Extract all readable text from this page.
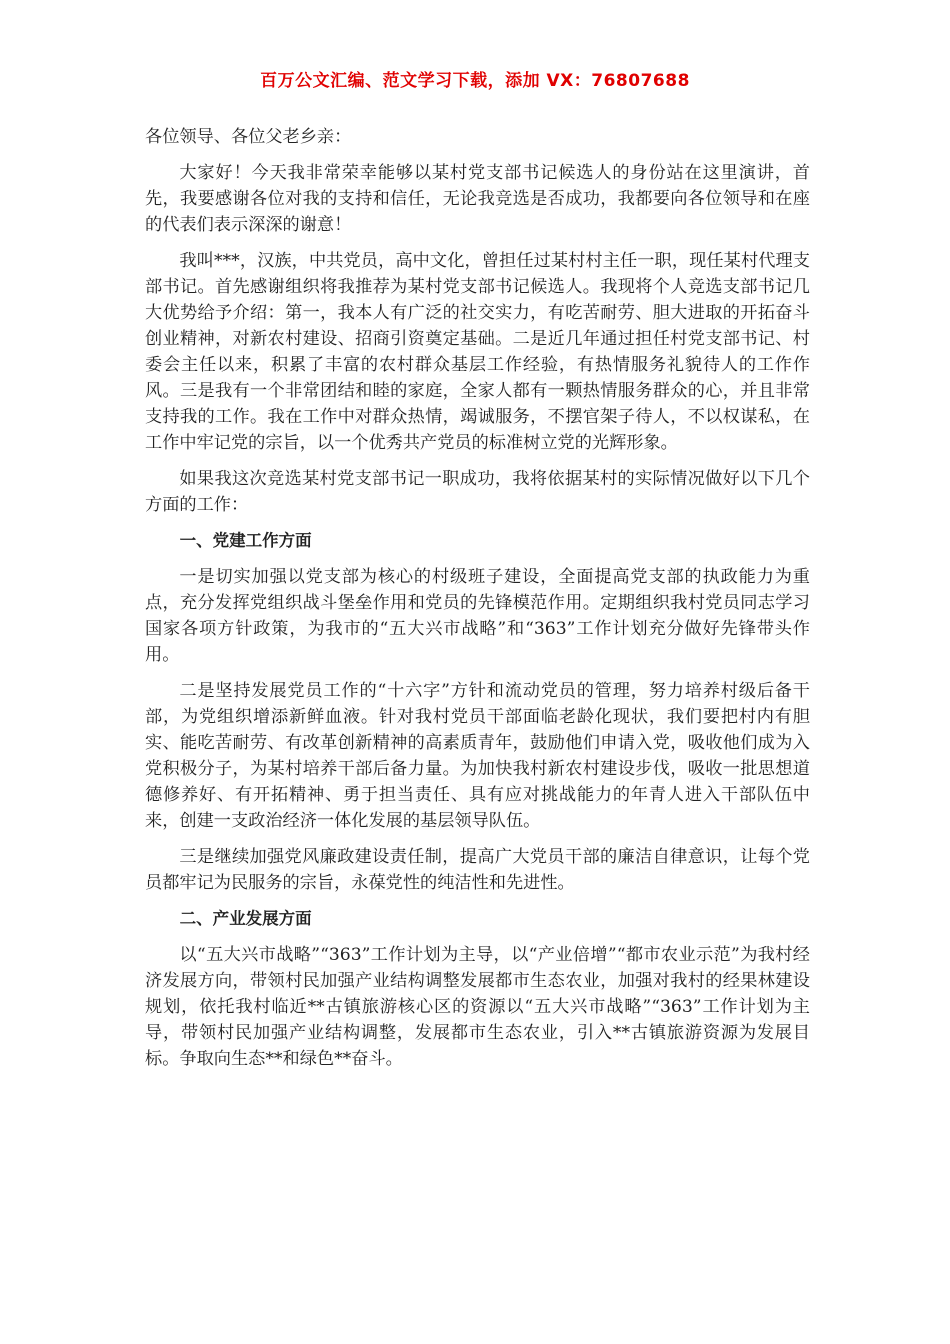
百万公文汇编、范文学习下载，添加 VX：76807688

各位领导、各位父老乡亲：

大家好！今天我非常荣幸能够以某村党支部书记候选人的身份站在这里演讲，首先，我要感谢各位对我的支持和信任，无论我竞选是否成功，我都要向各位领导和在座的代表们表示深深的谢意！

我叫***，汉族，中共党员，高中文化，曾担任过某村村主任一职，现任某村代理支部书记。首先感谢组织将我推荐为某村党支部书记候选人。我现将个人竞选支部书记几大优势给予介绍：第一，我本人有广泛的社交实力，有吃苦耐劳、胆大进取的开拓奋斗创业精神，对新农村建设、招商引资奠定基础。二是近几年通过担任村党支部书记、村委会主任以来，积累了丰富的农村群众基层工作经验，有热情服务礼貌待人的工作作风。三是我有一个非常团结和睦的家庭，全家人都有一颗热情服务群众的心，并且非常支持我的工作。我在工作中对群众热情，竭诚服务，不摆官架子待人，不以权谋私，在工作中牢记党的宗旨，以一个优秀共产党员的标准树立党的光辉形象。

如果我这次竞选某村党支部书记一职成功，我将依据某村的实际情况做好以下几个方面的工作：

一、党建工作方面

一是切实加强以党支部为核心的村级班子建设，全面提高党支部的执政能力为重点，充分发挥党组织战斗堡垒作用和党员的先锋模范作用。定期组织我村党员同志学习国家各项方针政策，为我市的“五大兴市战略”和“363”工作计划充分做好先锋带头作用。

二是坚持发展党员工作的“十六字”方针和流动党员的管理，努力培养村级后备干部，为党组织增添新鲜血液。针对我村党员干部面临老龄化现状，我们要把村内有胆实、能吃苦耐劳、有改革创新精神的高素质青年，鼓励他们申请入党，吸收他们成为入党积极分子，为某村培养干部后备力量。为加快我村新农村建设步伐，吸收一批思想道德修养好、有开拓精神、勇于担当责任、具有应对挑战能力的年青人进入干部队伍中来，创建一支政治经济一体化发展的基层领导队伍。

三是继续加强党风廉政建设责任制，提高广大党员干部的廉洁自律意识，让每个党员都牢记为民服务的宗旨，永葆党性的纯洁性和先进性。

二、产业发展方面

以“五大兴市战略”“363”工作计划为主导，以“产业倍增”“都市农业示范”为我村经济发展方向，带领村民加强产业结构调整发展都市生态农业，加强对我村的经果林建设规划，依托我村临近**古镇旅游核心区的资源以“五大兴市战略”“363”工作计划为主导，带领村民加强产业结构调整，发展都市生态农业，引入**古镇旅游资源为发展目标。争取向生态**和绿色**奋斗。
